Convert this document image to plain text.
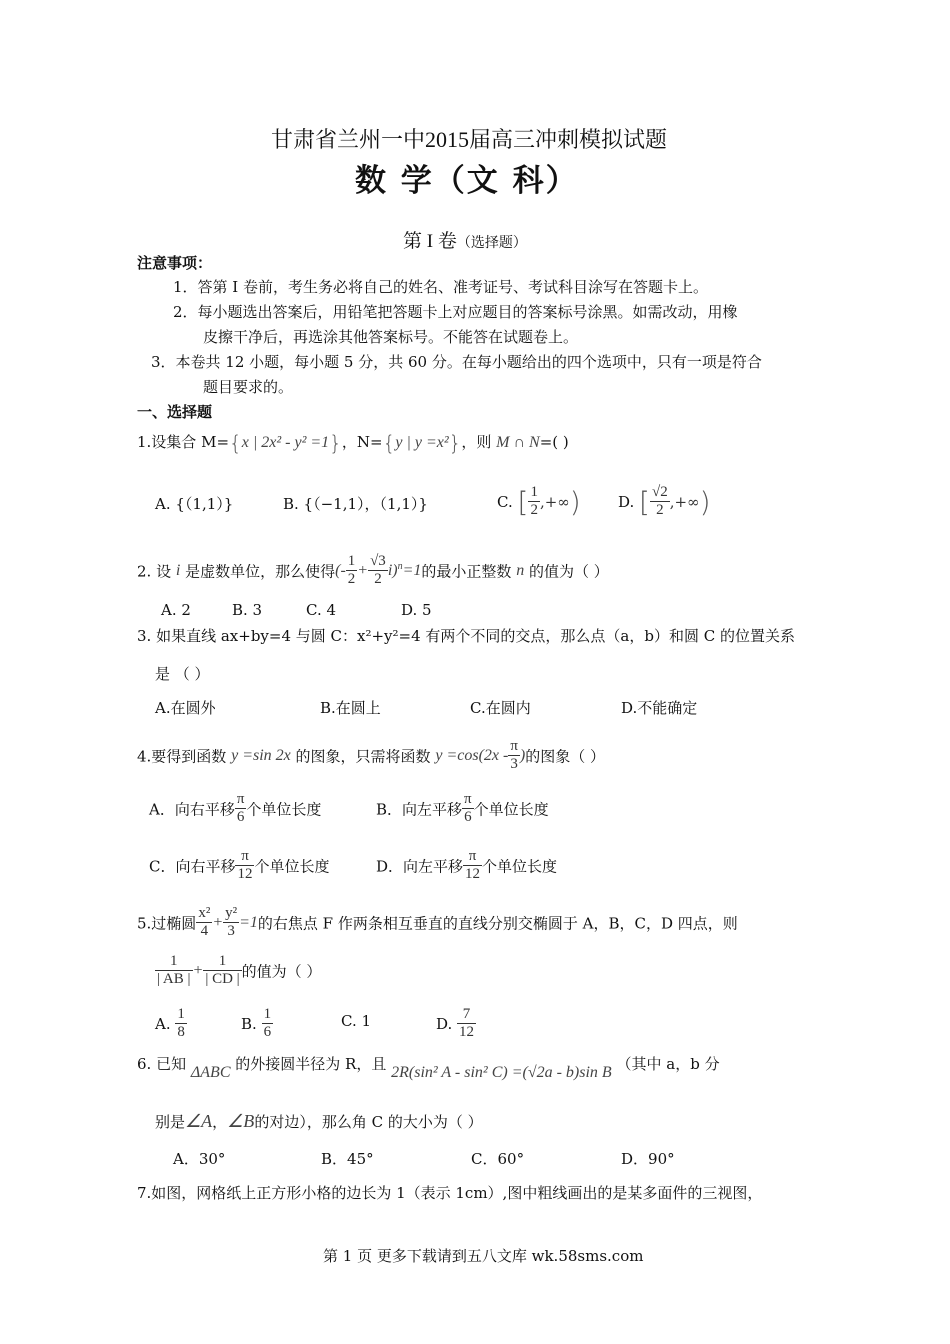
甘肃省兰州一中2015届高三冲刺模拟试题
数 学（文 科）
第 I 卷（选择题）
注意事项：
1．答第 I 卷前，考生务必将自己的姓名、准考证号、考试科目涂写在答题卡上。
2．每小题选出答案后，用铅笔把答题卡上对应题目的答案标号涂黑。如需改动，用橡
皮擦干净后，再选涂其他答案标号。不能答在试题卷上。
3．本卷共 12 小题，每小题 5 分，共 60 分。在每小题给出的四个选项中，只有一项是符合
题目要求的。
一、选择题
1.设集合 M={x | 2x² - y² =1}，N={y | y =x²}，则 M ∩ N=( )
A. {（1,1）}	B. {（−1,1），（1,1）}	C. [ $\frac{1}{2}$ ,+∞) D. [ $\frac{√2}{2}$ ,+∞)
2. 设 i 是虚数单位，那么使得(- $\frac{1}{2} + \frac{√3}{2} i)^n=1$的最小正整数 n 的值为（ ）
A. 2	B. 3	C. 4	D. 5
3. 如果直线 ax+by=4 与圆 C：x²+y²=4 有两个不同的交点，那么点（a，b）和圆 C 的位置关系
是 （ ）
A.在圆外	B.在圆上	C.在圆内	D.不能确定
4.要得到函数 y =sin 2x 的图象，只需将函数 $y =\cos(2x - \frac{\pi}{3}$ )的图象（ ）
A．向右平移 $\frac{\pi}{6}$ 个单位长度	B．向左平移 $\frac{\pi}{6}$ 个单位长度
C．向右平移 $\frac{\pi}{12}$ 个单位长度	D．向左平移 $\frac{\pi}{12}$ 个单位长度
5.过椭圆 $\frac{\text{x²}}{4} + \frac{\text{y²}}{3} =1$的右焦点 F 作两条相互垂直的直线分别交椭圆于 A，B，C，D 四点，则
$\frac{1}{| AB |} + \frac{1}{| CD |}$ 的值为（ ）
A. $\frac{1}{8}$	B. $\frac{1}{6}$	C. 1	D. $\frac{7}{12}$
6. 已知 ΔABC 的外接圆半径为 R，且 2R(sin² A - sin² C) =(√2a - b)sin B （其中 a，b 分
别是∠A，∠B的对边），那么角 C 的大小为（ ）
A．30°	B．45°	C．60°	D．90°
7.如图，网格纸上正方形小格的边长为 1（表示 1cm）,图中粗线画出的是某多面件的三视图，
第 1 页 更多下载请到五八文库 wk.58sms.com
